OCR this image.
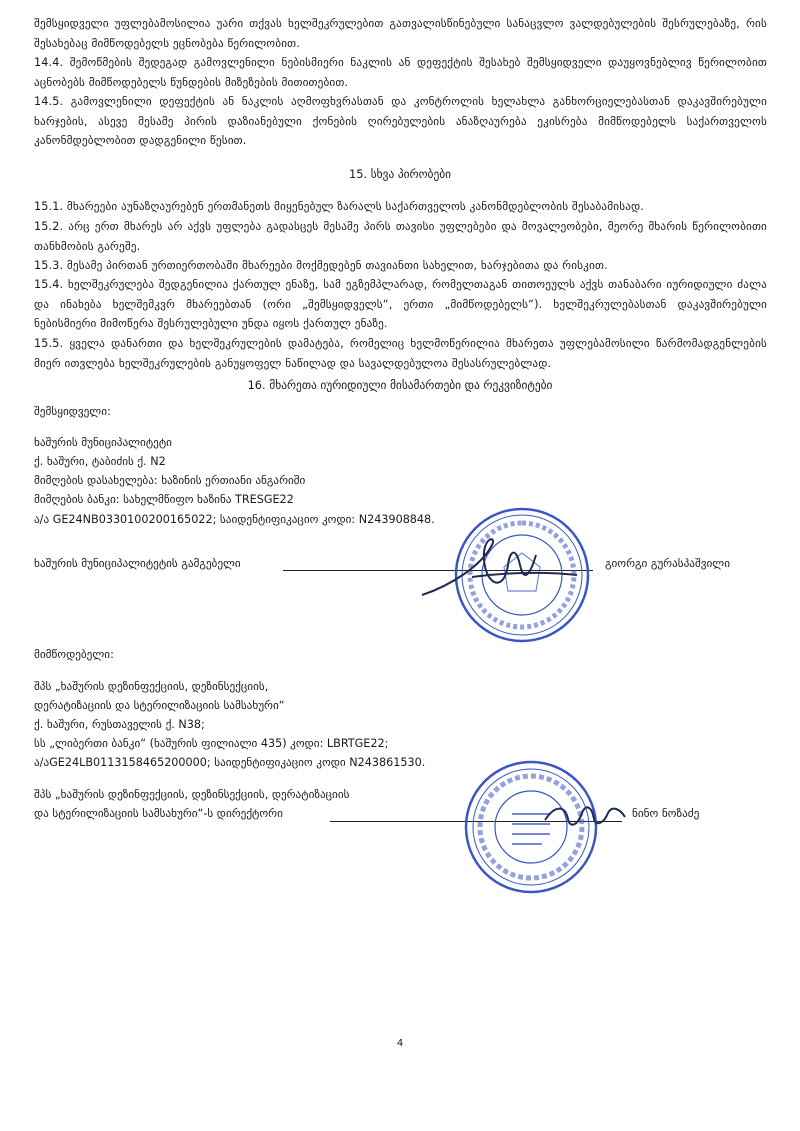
შემსყიდველი უფლებამოსილია უარი თქვას ხელშეკრულებით გათვალისწინებული სანაცვლო ვალდებულების შესრულებაზე, რის შესახებაც მიმწოდებელს ეცნობება წერილობით.

14.4. შემოწმების შედეგად გამოვლენილი ნებისმიერი ნაკლის ან დეფექტის შესახებ შემსყიდველი დაუყოვნებლივ წერილობით აცნობებს მიმწოდებელს წუნდების მიზეზების მითითებით.

14.5. გამოვლენილი დეფექტის ან ნაკლის აღმოფხვრასთან და კონტროლის ხელახლა განხორციელებასთან დაკავშირებული ხარჯების, ასევე მესამე პირის დაზიანებული ქონების ღირებულების ანაზღაურება ეკისრება მიმწოდებელს საქართველოს კანონმდებლობით დადგენილი წესით.

15. სხვა პირობები

15.1. მხარეები აუნაზღაურებენ ერთმანეთს მიყენებულ ზარალს საქართველოს კანონმდებლობის შესაბამისად.

15.2. არც ერთ მხარეს არ აქვს უფლება გადასცეს მესამე პირს თავისი უფლებები და მოვალეობები, მეორე მხარის წერილობითი თანხმობის გარეშე.

15.3. მესამე პირთან ურთიერთობაში მხარეები მოქმედებენ თავიანთი სახელით, ხარჯებითა და რისკით.

15.4. ხელშეკრულება შედგენილია ქართულ ენაზე, სამ ეგზემპლარად, რომელთაგან თითოეულს აქვს თანაბარი იურიდიული ძალა და ინახება ხელშემკვრ მხარეებთან (ორი „შემსყიდველს“, ერთი „მიმწოდებელს“). ხელშეკრულებასთან დაკავშირებული ნებისმიერი მიმოწერა შესრულებული უნდა იყოს ქართულ ენაზე.

15.5. ყველა დანართი და ხელშეკრულების დამატება, რომელიც ხელმოწერილია მხარეთა უფლებამოსილი წარმომადგენლების მიერ ითვლება ხელშეკრულების განუყოფელ ნაწილად და სავალდებულოა შესასრულებლად.

16. მხარეთა იურიდიული მისამართები და რეკვიზიტები

შემსყიდველი:

ხაშურის მუნიციპალიტეტი

ქ. ხაშური, ტაბიძის ქ. N2

მიმღების დასახელება: ხაზინის ერთიანი ანგარიში

მიმღების ბანკი: სახელმწიფო ხაზინა TRESGE22

ა/ა GE24NB0330100200165022; საიდენტიფიკაციო კოდი: N243908848.

ხაშურის მუნიციპალიტეტის გამგებელი	გიორგი გურასპაშვილი

მიმწოდებელი:

შპს „ხაშურის დეზინფექციის, დეზინსექციის,

დერატიზაციის და სტერილიზაციის სამსახური“

ქ. ხაშური, რუსთაველის ქ. N38;

სს „ლიბერთი ბანკი“ (ხაშურის ფილიალი 435) კოდი: LBRTGE22;

ა/აGE24LB0113158465200000; საიდენტიფიკაციო კოდი N243861530.

შპს „ხაშურის დეზინფექციის, დეზინსექციის, დერატიზაციის

და სტერილიზაციის სამსახური“-ს დირექტორი	ნინო ნოზაძე

4
